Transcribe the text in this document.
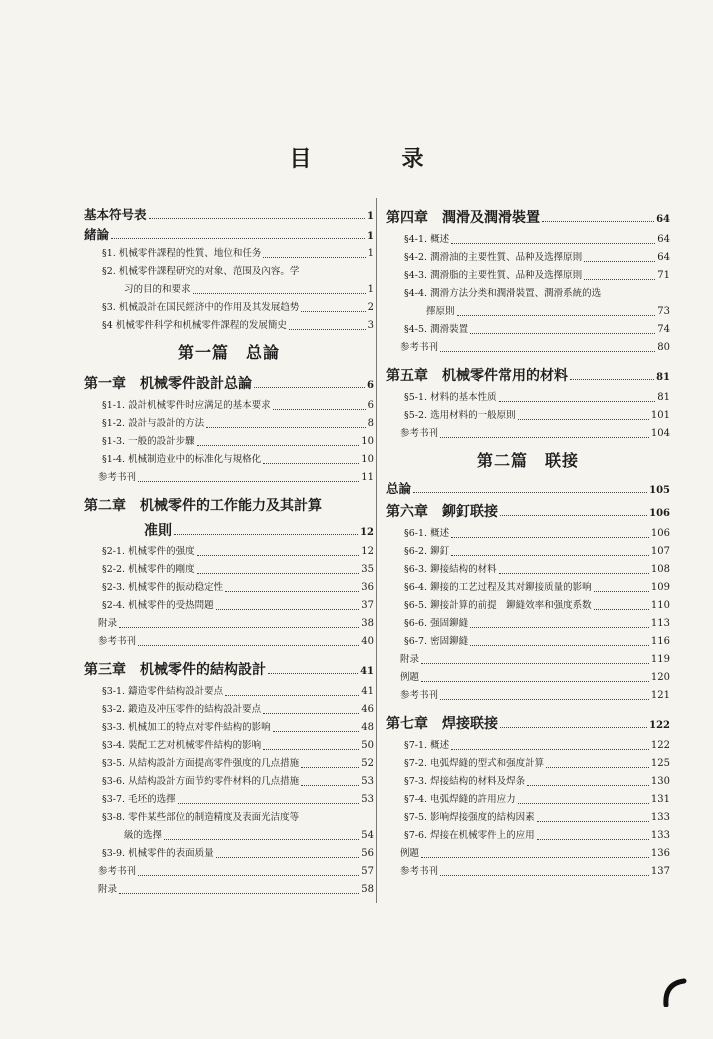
目　录
基本符号表	1
緒論	1
§1. 机械零件課程的性質、地位和任务	1
§2. 机械零件課程研究的对象、范围及內容。学
习的目的和要求	1
§3. 机械設計在国民經济中的作用及其发展趋势	2
§4 机械零件科学和机械零件課程的发展簡史	3
第一篇　总論
第一章　机械零件設計总論	6
§1-1. 設計机械零件时应满足的基本要求	6
§1-2. 設計与設計的方法	8
§1-3. 一般的設計步驟	10
§1-4. 机械制造业中的标准化与規格化	10
参考书刊	11
第二章　机械零件的工作能力及其計算
准則	12
§2-1. 机械零件的强度	12
§2-2. 机械零件的剛度	35
§2-3. 机械零件的振动稳定性	36
§2-4. 机械零件的受热問題	37
附录	38
参考书刊	40
第三章　机械零件的結构設計	41
§3-1. 鑄造零件結构設計要点	41
§3-2. 鍛造及冲压零件的結构設計要点	46
§3-3. 机械加工的特点对零件結构的影响	48
§3-4. 裝配工艺对机械零件結构的影响	50
§3-5. 从結构設計方面提高零件强度的几点措施	52
§3-6. 从結构設計方面节約零件材料的几点措施	53
§3-7. 毛坯的选擇	53
§3-8. 零件某些部位的制造精度及表面光洁度等
級的选擇	54
§3-9. 机械零件的表面质量	56
参考书刊	57
附录	58
第四章　潤滑及潤滑裝置	64
§4-1. 概述	64
§4-2. 潤滑油的主要性質、品种及选擇原則	64
§4-3. 潤滑脂的主要性質、品种及选擇原則	71
§4-4. 潤滑方法分类和潤滑裝置、潤滑系統的选
擇原則	73
§4-5. 潤滑裝置	74
参考书刊	80
第五章　机械零件常用的材料	81
§5-1. 材料的基本性质	81
§5-2. 选用材料的一般原則	101
参考书刊	104
第二篇　联接
总論	105
第六章　鉚釘联接	106
§6-1. 概述	106
§6-2. 鉚釘	107
§6-3. 鉚接結构的材料	108
§6-4. 鉚接的工艺过程及其对鉚接质量的影响	109
§6-5. 鉚接計算的前提　鉚縫效率和强度系数	110
§6-6. 强固鉚縫	113
§6-7. 密固鉚縫	116
附录	119
例題	120
参考书刊	121
第七章　焊接联接	122
§7-1. 概述	122
§7-2. 电弧焊縫的型式和强度計算	125
§7-3. 焊接結构的材料及焊条	130
§7-4. 电弧焊縫的許用应力	131
§7-5. 影响焊接强度的結构因素	133
§7-6. 焊接在机械零件上的应用	133
例題	136
参考书刊	137
